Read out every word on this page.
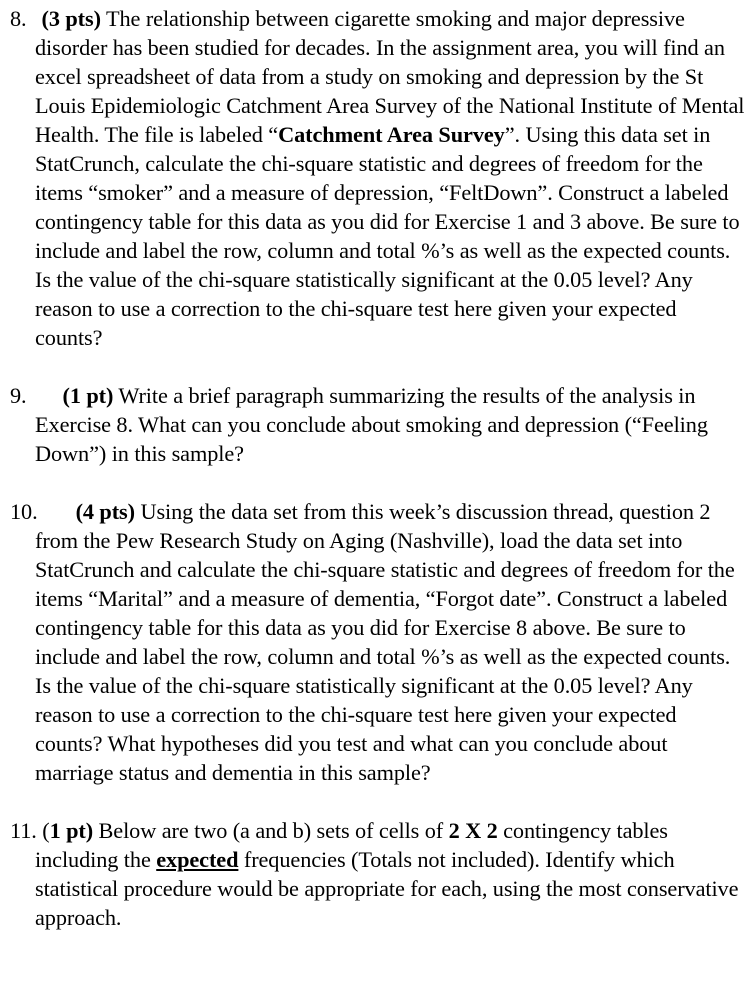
8. (3 pts) The relationship between cigarette smoking and major depressive disorder has been studied for decades. In the assignment area, you will find an excel spreadsheet of data from a study on smoking and depression by the St Louis Epidemiologic Catchment Area Survey of the National Institute of Mental Health. The file is labeled “Catchment Area Survey”. Using this data set in StatCrunch, calculate the chi-square statistic and degrees of freedom for the items “smoker” and a measure of depression, “FeltDown”. Construct a labeled contingency table for this data as you did for Exercise 1 and 3 above. Be sure to include and label the row, column and total %’s as well as the expected counts. Is the value of the chi-square statistically significant at the 0.05 level? Any reason to use a correction to the chi-square test here given your expected counts?

9. (1 pt) Write a brief paragraph summarizing the results of the analysis in Exercise 8. What can you conclude about smoking and depression (“Feeling Down”) in this sample?

10. (4 pts) Using the data set from this week’s discussion thread, question 2 from the Pew Research Study on Aging (Nashville), load the data set into StatCrunch and calculate the chi-square statistic and degrees of freedom for the items “Marital” and a measure of dementia, “Forgot date”. Construct a labeled contingency table for this data as you did for Exercise 8 above. Be sure to include and label the row, column and total %’s as well as the expected counts. Is the value of the chi-square statistically significant at the 0.05 level? Any reason to use a correction to the chi-square test here given your expected counts? What hypotheses did you test and what can you conclude about marriage status and dementia in this sample?

11. (1 pt) Below are two (a and b) sets of cells of 2 X 2 contingency tables including the expected frequencies (Totals not included). Identify which statistical procedure would be appropriate for each, using the most conservative approach.
